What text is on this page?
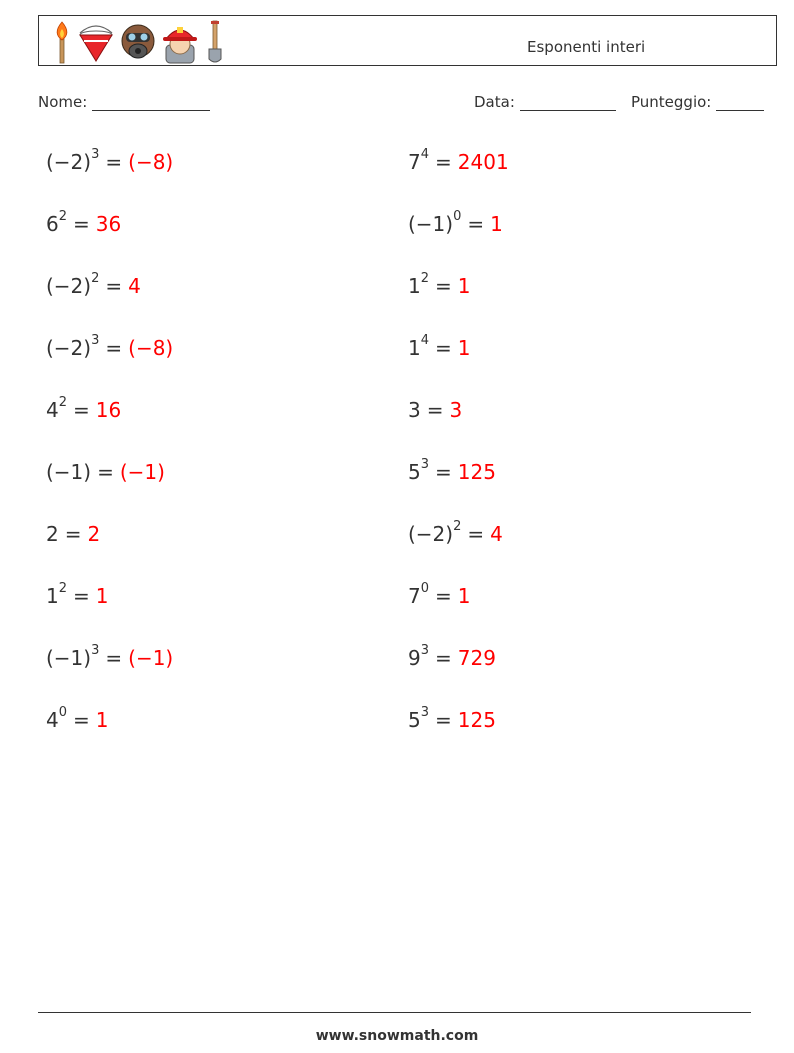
Esponenti interi
Nome:	Data:	Punteggio:
$(-2)^3 = (-8)$	$7^4 = 2401$
$6^2 = 36$	$(-1)^0 = 1$
$(-2)^2 = 4$	$1^2 = 1$
$(-2)^3 = (-8)$	$1^4 = 1$
$4^2 = 16$	3 = 3
(−1) = (−1)	$5^3 = 125$
2 = 2	$(-2)^2 = 4$
$1^2 = 1$	$7^0 = 1$
$(-1)^3 = (-1)$	$9^3 = 729$
$4^0 = 1$	$5^3 = 125$
www.snowmath.com
